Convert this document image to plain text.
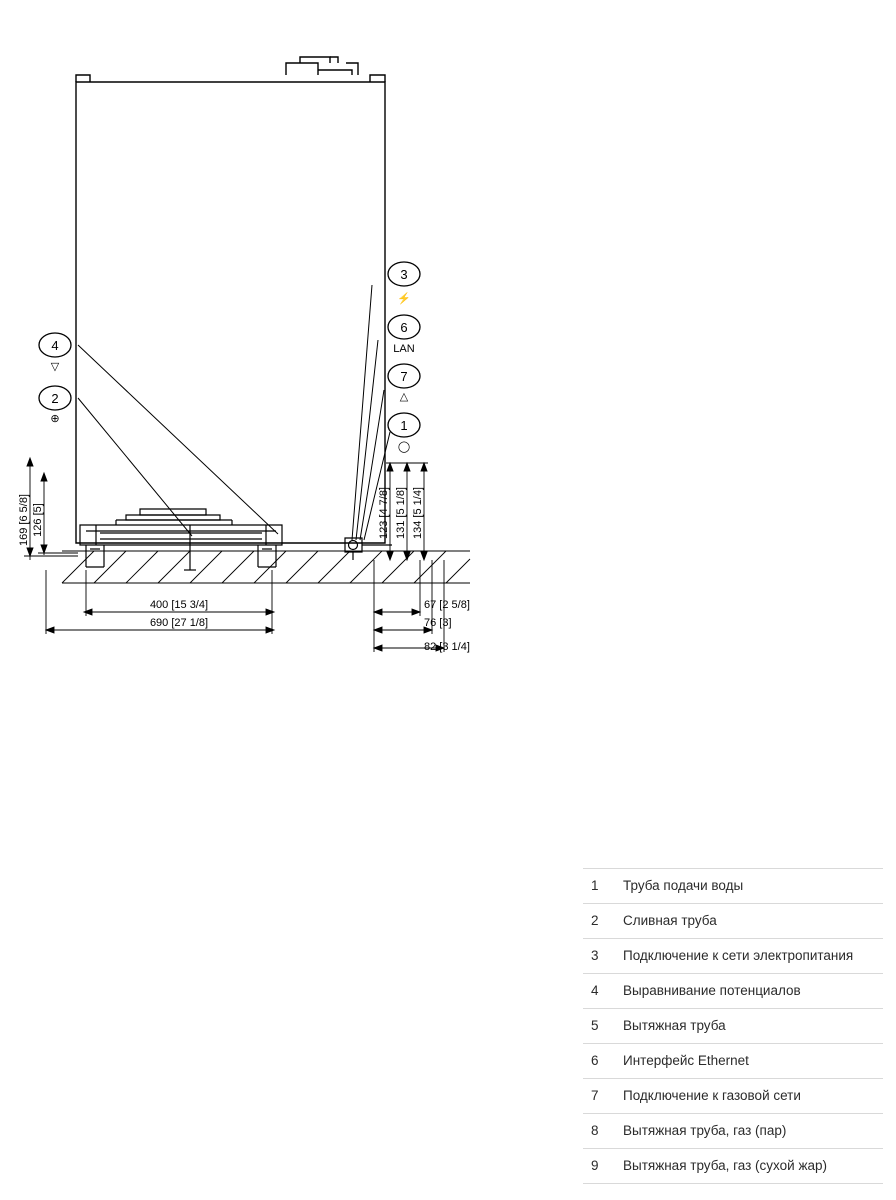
3
⚡
6
LAN
7
△
1
◯
4
▽
2
⊕
169 [6 5/8] 126 [5]	123 [4 7/8] 131 [5 1/8] 134 [5 1/4]
400 [15 3/4]
690 [27 1/8]
67 [2 5/8]
76 [3]
82 [3 1/4]
1	Труба подачи воды
2	Сливная труба
3	Подключение к сети электропитания
4	Выравнивание потенциалов
5	Вытяжная труба
6	Интерфейс Ethernet
7	Подключение к газовой сети
8	Вытяжная труба, газ (пар)
9	Вытяжная труба, газ (сухой жар)
